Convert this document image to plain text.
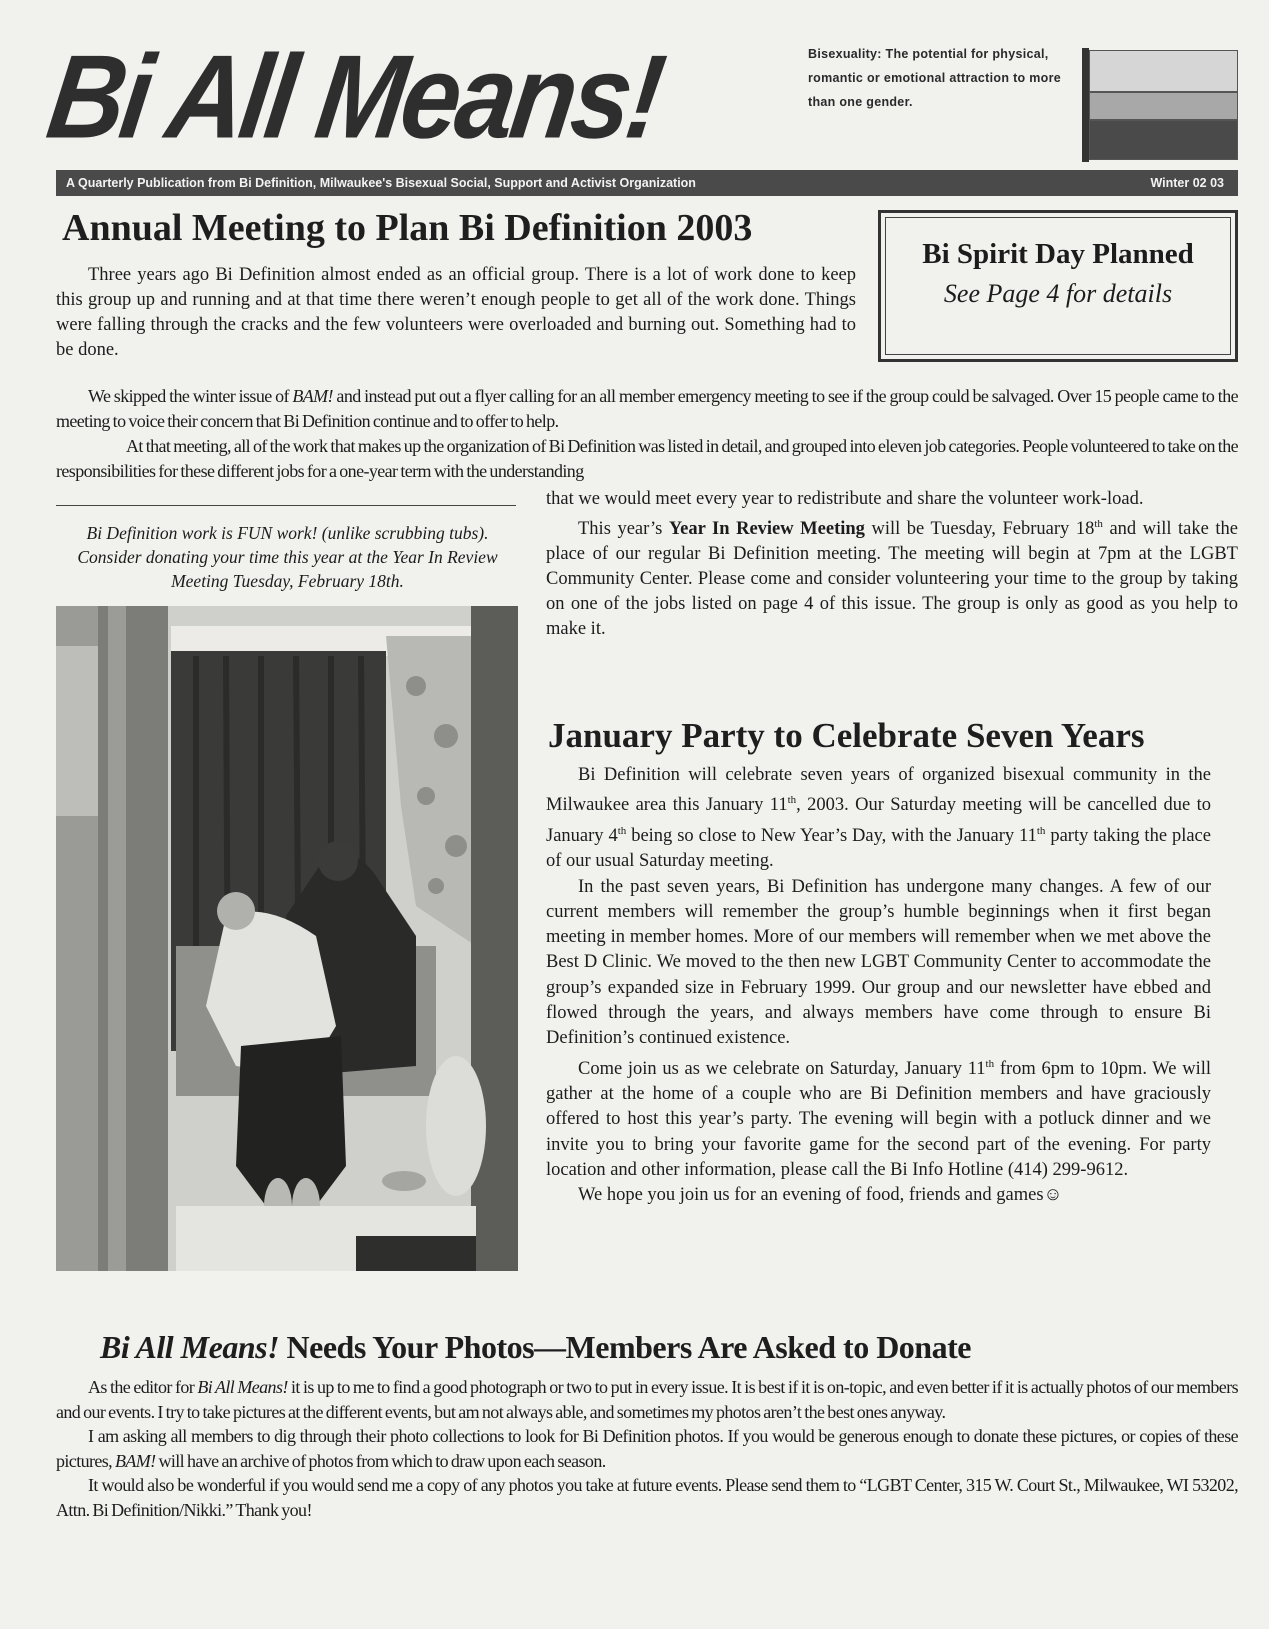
Bi All Means!	Bisexuality: The potential for physical, romantic or emotional attraction to more than one gender.
A Quarterly Publication from Bi Definition, Milwaukee's Bisexual Social, Support and Activist Organization	Winter 02 03
Annual Meeting to Plan Bi Definition 2003

Three years ago Bi Definition almost ended as an official group. There is a lot of work done to keep this group up and running and at that time there weren’t enough people to get all of the work done. Things were falling through the cracks and the few volunteers were overloaded and burning out. Something had to be done.

Bi Spirit Day Planned
See Page 4 for details

We skipped the winter issue of BAM! and instead put out a flyer calling for an all member emergency meeting to see if the group could be salvaged. Over 15 people came to the meeting to voice their concern that Bi Definition continue and to offer to help.

At that meeting, all of the work that makes up the organization of Bi Definition was listed in detail, and grouped into eleven job categories. People volunteered to take on the responsibilities for these different jobs for a one-year term with the understanding

Bi Definition work is FUN work! (unlike scrubbing tubs). Consider donating your time this year at the Year In Review Meeting Tuesday, February 18th.

that we would meet every year to redistribute and share the volunteer work-load.

This year’s Year In Review Meeting will be Tuesday, February 18th and will take the place of our regular Bi Definition meeting. The meeting will begin at 7pm at the LGBT Community Center. Please come and consider volunteering your time to the group by taking on one of the jobs listed on page 4 of this issue. The group is only as good as you help to make it.

January Party to Celebrate Seven Years

Bi Definition will celebrate seven years of organized bisexual community in the Milwaukee area this January 11th, 2003. Our Saturday meeting will be cancelled due to January 4th being so close to New Year’s Day, with the January 11th party taking the place of our usual Saturday meeting.

In the past seven years, Bi Definition has undergone many changes. A few of our current members will remember the group’s humble beginnings when it first began meeting in member homes. More of our members will remember when we met above the Best D Clinic. We moved to the then new LGBT Community Center to accommodate the group’s expanded size in February 1999. Our group and our newsletter have ebbed and flowed through the years, and always members have come through to ensure Bi Definition’s continued existence.

Come join us as we celebrate on Saturday, January 11th from 6pm to 10pm. We will gather at the home of a couple who are Bi Definition members and have graciously offered to host this year’s party. The evening will begin with a potluck dinner and we invite you to bring your favorite game for the second part of the evening. For party location and other information, please call the Bi Info Hotline (414) 299-9612.

We hope you join us for an evening of food, friends and games☺

Bi All Means! Needs Your Photos—Members Are Asked to Donate

As the editor for Bi All Means! it is up to me to find a good photograph or two to put in every issue. It is best if it is on-topic, and even better if it is actually photos of our members and our events. I try to take pictures at the different events, but am not always able, and sometimes my photos aren’t the best ones anyway.

I am asking all members to dig through their photo collections to look for Bi Definition photos. If you would be generous enough to donate these pictures, or copies of these pictures, BAM! will have an archive of photos from which to draw upon each season.

It would also be wonderful if you would send me a copy of any photos you take at future events. Please send them to “LGBT Center, 315 W. Court St., Milwaukee, WI 53202, Attn. Bi Definition/Nikki.” Thank you!
